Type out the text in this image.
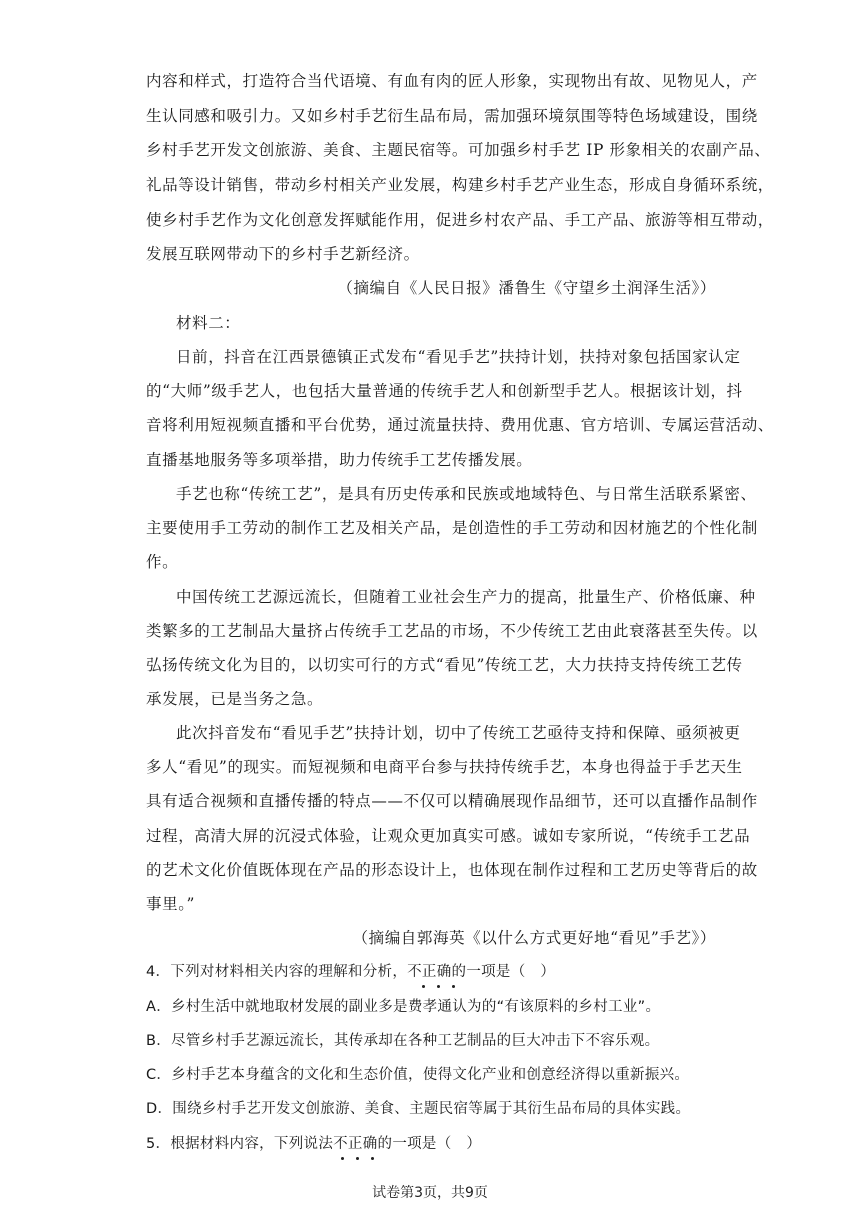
内容和样式，打造符合当代语境、有血有肉的匠人形象，实现物出有故、见物见人，产
生认同感和吸引力。又如乡村手艺衍生品布局，需加强环境氛围等特色场域建设，围绕
乡村手艺开发文创旅游、美食、主题民宿等。可加强乡村手艺 IP 形象相关的农副产品、
礼品等设计销售，带动乡村相关产业发展，构建乡村手艺产业生态，形成自身循环系统，
使乡村手艺作为文化创意发挥赋能作用，促进乡村农产品、手工产品、旅游等相互带动，
发展互联网带动下的乡村手艺新经济。
（摘编自《人民日报》潘鲁生《守望乡土润泽生活》）
材料二：
日前，抖音在江西景德镇正式发布“看见手艺”扶持计划，扶持对象包括国家认定
的“大师”级手艺人，也包括大量普通的传统手艺人和创新型手艺人。根据该计划，抖
音将利用短视频直播和平台优势，通过流量扶持、费用优惠、官方培训、专属运营活动、
直播基地服务等多项举措，助力传统手工艺传播发展。
手艺也称“传统工艺”，是具有历史传承和民族或地域特色、与日常生活联系紧密、
主要使用手工劳动的制作工艺及相关产品，是创造性的手工劳动和因材施艺的个性化制
作。
中国传统工艺源远流长，但随着工业社会生产力的提高，批量生产、价格低廉、种
类繁多的工艺制品大量挤占传统手工艺品的市场，不少传统工艺由此衰落甚至失传。以
弘扬传统文化为目的，以切实可行的方式“看见”传统工艺，大力扶持支持传统工艺传
承发展，已是当务之急。
此次抖音发布“看见手艺”扶持计划，切中了传统工艺亟待支持和保障、亟须被更
多人“看见”的现实。而短视频和电商平台参与扶持传统手艺，本身也得益于手艺天生
具有适合视频和直播传播的特点——不仅可以精确展现作品细节，还可以直播作品制作
过程，高清大屏的沉浸式体验，让观众更加真实可感。诚如专家所说，“传统手工艺品
的艺术文化价值既体现在产品的形态设计上，也体现在制作过程和工艺历史等背后的故
事里。”
（摘编自郭海英《以什么方式更好地“看见”手艺》）
4．下列对材料相关内容的理解和分析，不正确的一项是（　）
A．乡村生活中就地取材发展的副业多是费孝通认为的“有该原料的乡村工业”。
B．尽管乡村手艺源远流长，其传承却在各种工艺制品的巨大冲击下不容乐观。
C．乡村手艺本身蕴含的文化和生态价值，使得文化产业和创意经济得以重新振兴。
D．围绕乡村手艺开发文创旅游、美食、主题民宿等属于其衍生品布局的具体实践。
5．根据材料内容，下列说法不正确的一项是（　）
试卷第3页，共9页
